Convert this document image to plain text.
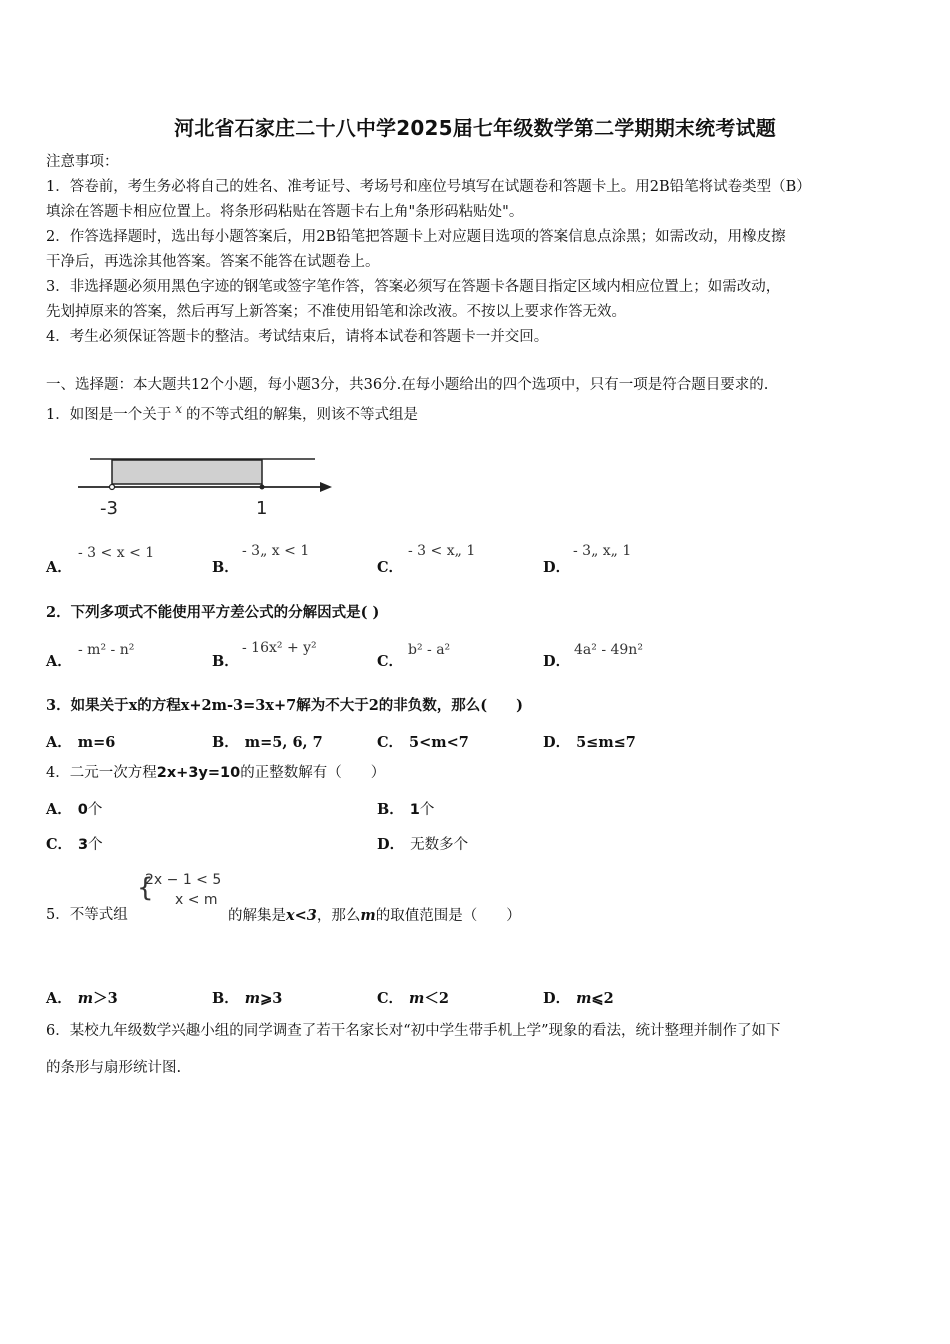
河北省石家庄二十八中学2025届七年级数学第二学期期末统考试题
注意事项：
1．答卷前，考生务必将自己的姓名、准考证号、考场号和座位号填写在试题卷和答题卡上。用2B铅笔将试卷类型（B）
填涂在答题卡相应位置上。将条形码粘贴在答题卡右上角"条形码粘贴处"。
2．作答选择题时，选出每小题答案后，用2B铅笔把答题卡上对应题目选项的答案信息点涂黑；如需改动，用橡皮擦
干净后，再选涂其他答案。答案不能答在试题卷上。
3．非选择题必须用黑色字迹的钢笔或签字笔作答，答案必须写在答题卡各题目指定区域内相应位置上；如需改动，
先划掉原来的答案，然后再写上新答案；不准使用铅笔和涂改液。不按以上要求作答无效。
4．考生必须保证答题卡的整洁。考试结束后，请将本试卷和答题卡一并交回。
一、选择题：本大题共12个小题，每小题3分，共36分.在每小题给出的四个选项中，只有一项是符合题目要求的.
1．如图是一个关于 $^x$ 的不等式组的解集，则该不等式组是
-3	1
A．
- 3 < x < 1
B．
- 3„ x < 1
C．
- 3 < x„ 1
D．
- 3„ x„ 1
2．下列多项式不能使用平方差公式的分解因式是( )
A．
- m² - n²
B．
- 16x² + y²
C．
b² - a²
D．
4a² - 49n²
3．如果关于x的方程x+2m-3=3x+7解为不大于2的非负数，那么(　　)
A． m=6	B． m=5, 6, 7	C． 5<m<7	D． 5≤m≤7
4．二元一次方程2x+3y=10的正整数解有（　　）
A． 0个	B． 1个
C． 3个	D． 无数多个
5．不等式组
{
2x − 1 < 5
x < m
的解集是x<3，那么m的取值范围是（　　）
A． m＞3	B． m⩾3	C． m＜2	D． m⩽2
6．某校九年级数学兴趣小组的同学调查了若干名家长对“初中学生带手机上学”现象的看法，统计整理并制作了如下
的条形与扇形统计图.
